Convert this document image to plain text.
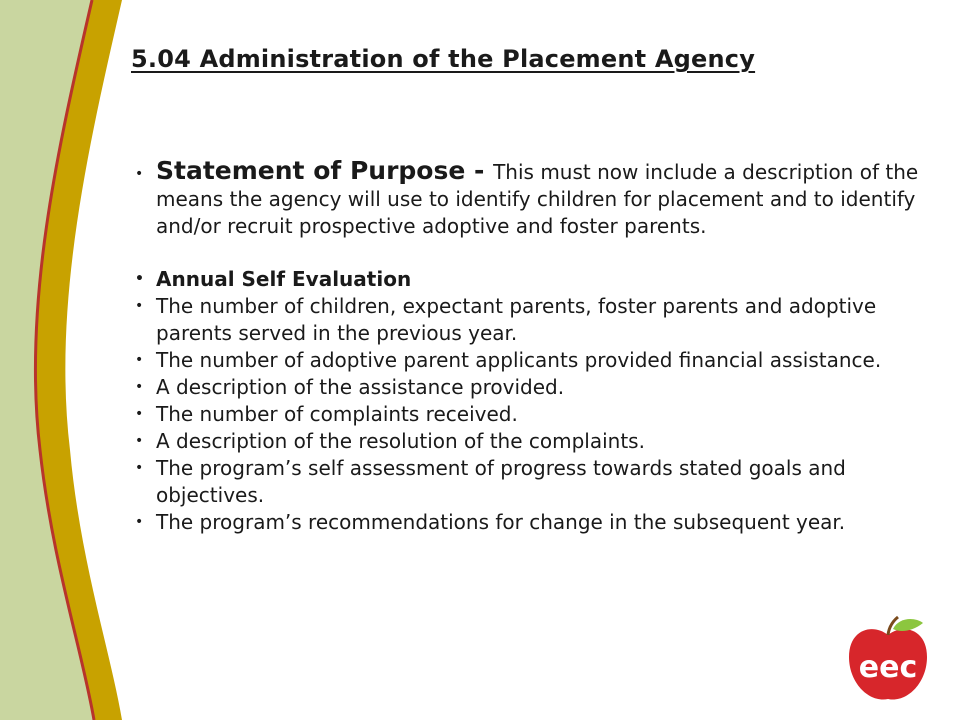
5.04 Administration of the Placement Agency
• Statement of Purpose - This must now include a description of the means the agency will use to identify children for placement and to identify and/or recruit prospective adoptive and foster parents.
• Annual Self Evaluation
• The number of children, expectant parents, foster parents and adoptive parents served in the previous year.
• The number of adoptive parent applicants provided financial assistance.
• A description of the assistance provided.
• The number of complaints received.
• A description of the resolution of the complaints.
• The program’s self assessment of progress towards stated goals and objectives.
• The program’s recommendations for change in the subsequent year.
eec
